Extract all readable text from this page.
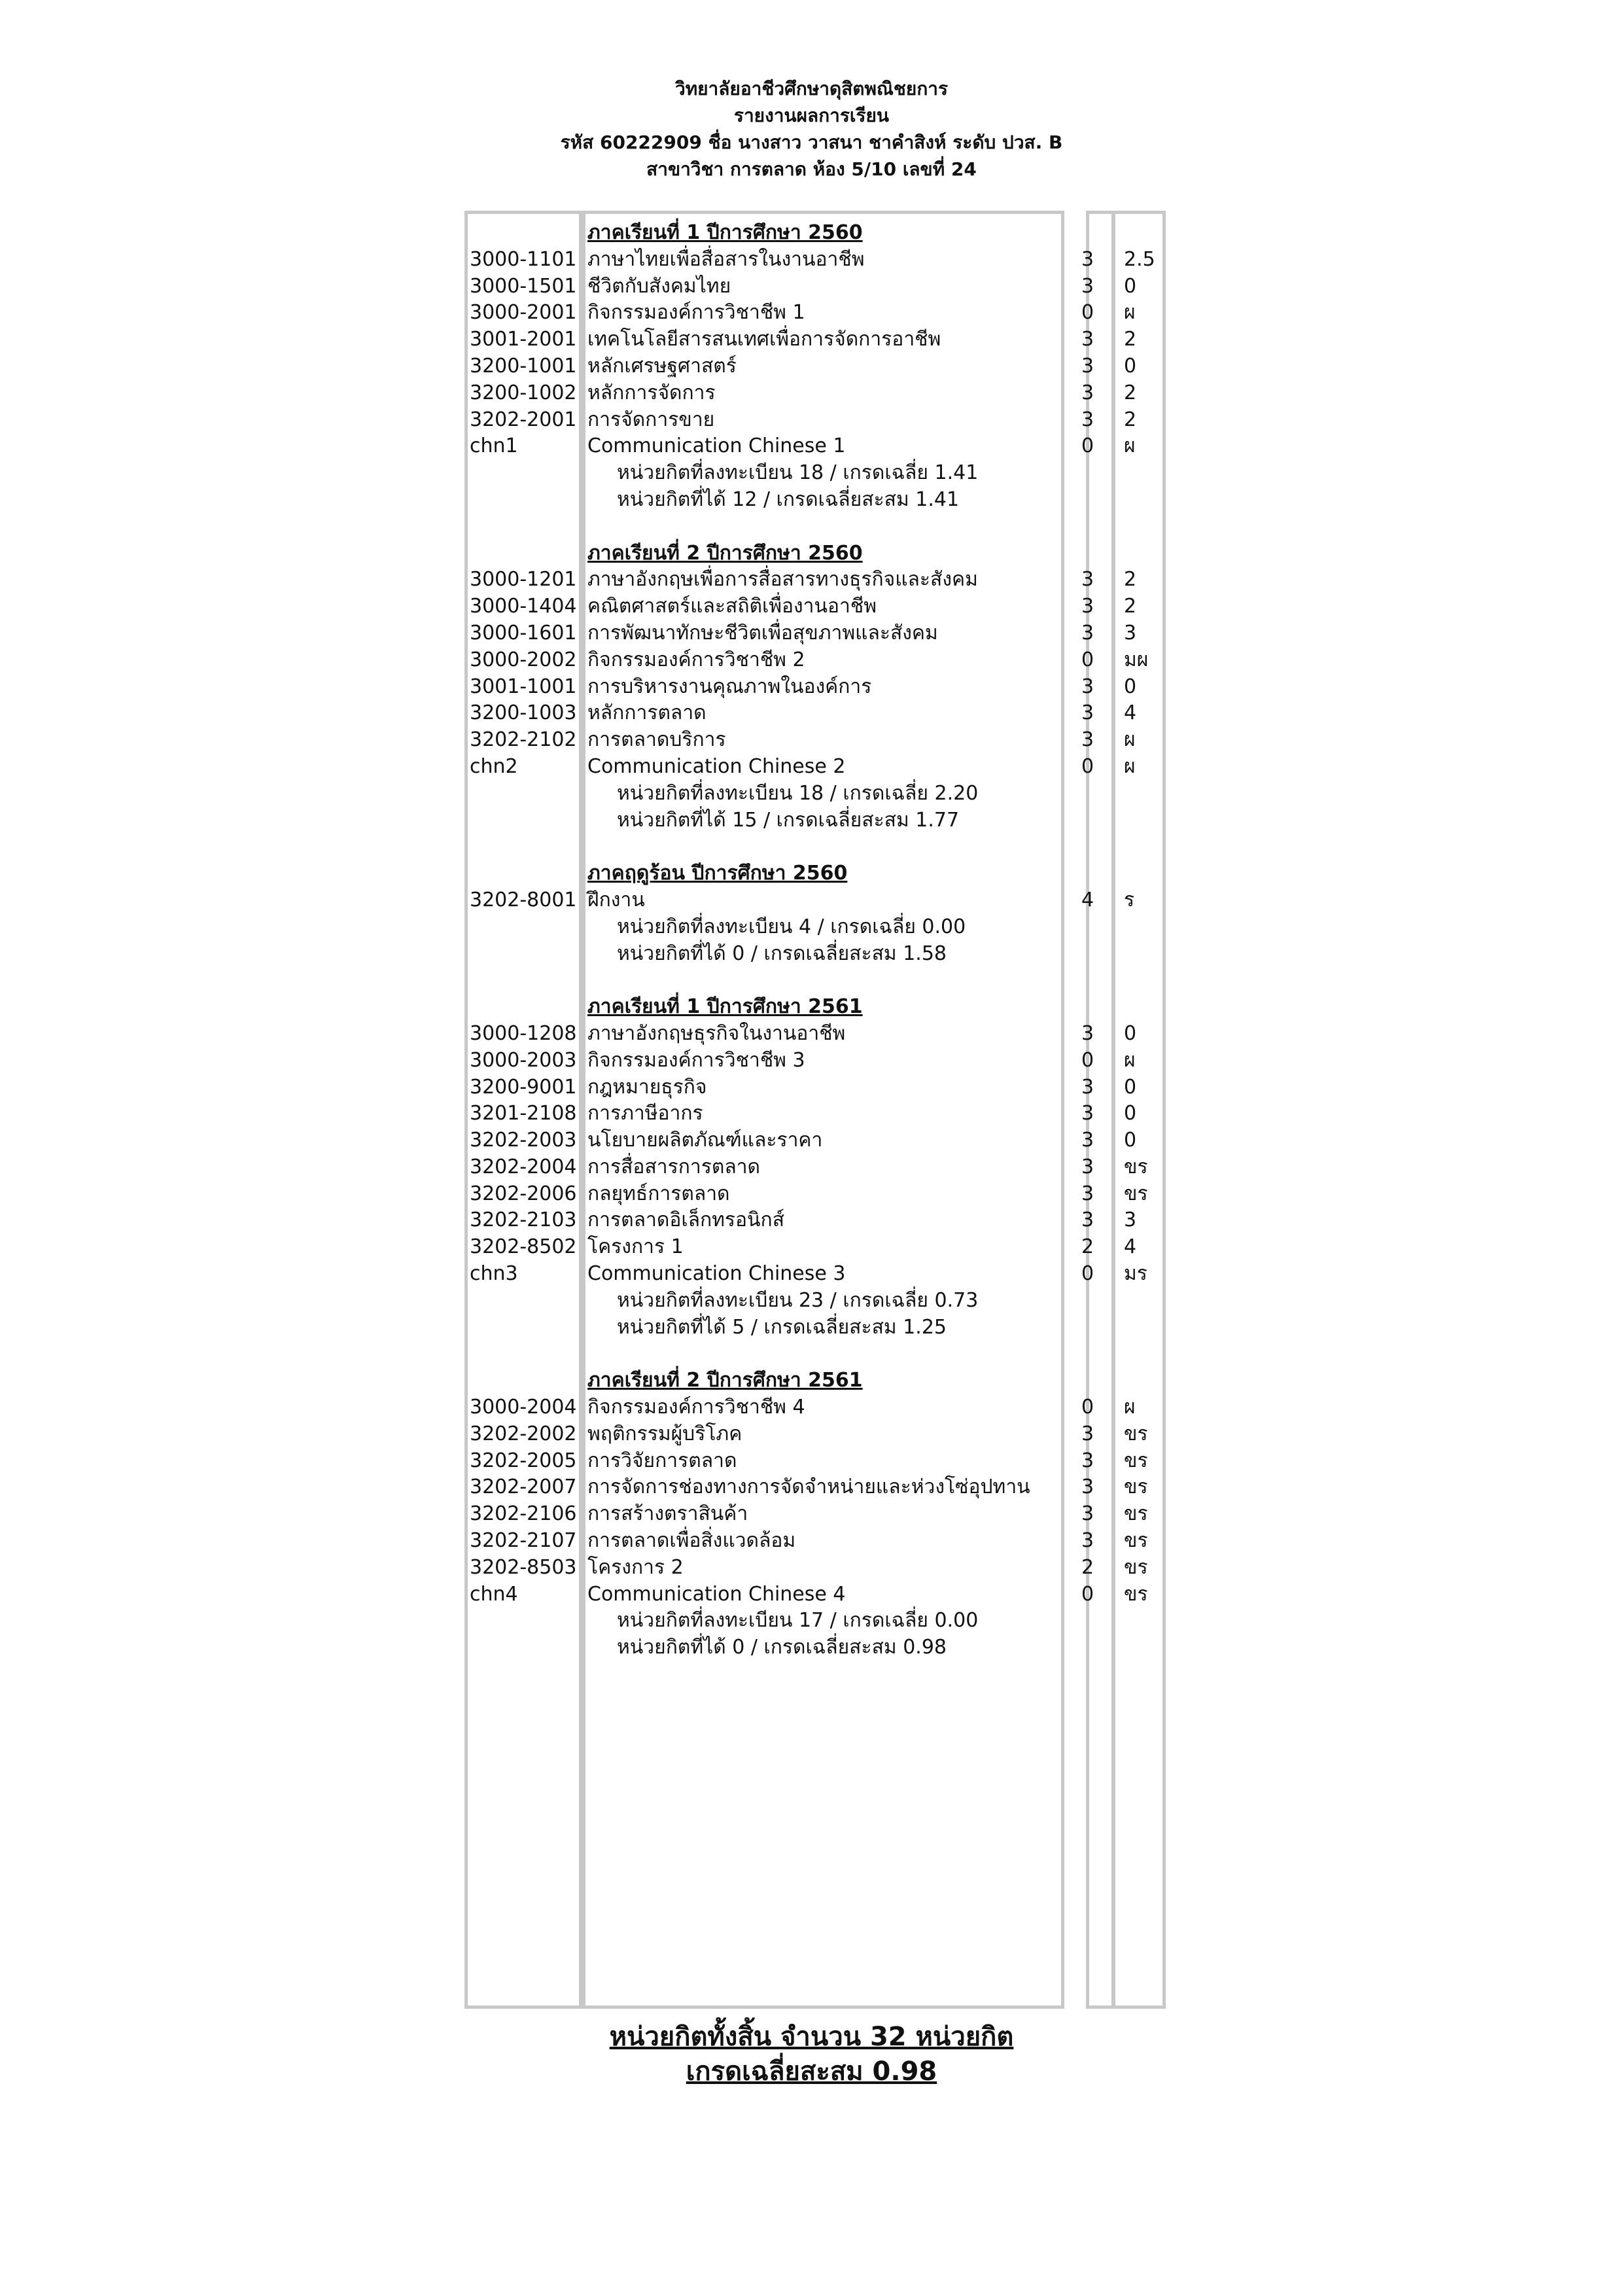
วิทยาลัยอาชีวศึกษาดุสิตพณิชยการ
รายงานผลการเรียน
รหัส 60222909 ชื่อ นางสาว วาสนา ชาคำสิงห์ ระดับ ปวส. B
สาขาวิชา การตลาด ห้อง 5/10 เลขที่ 24
ภาคเรียนที่ 1 ปีการศึกษา 2560
3000-1101 ภาษาไทยเพื่อสื่อสารในงานอาชีพ	3 2.5
3000-1501 ชีวิตกับสังคมไทย	3 0
3000-2001 กิจกรรมองค์การวิชาชีพ 1	0 ผ
3001-2001 เทคโนโลยีสารสนเทศเพื่อการจัดการอาชีพ	3 2
3200-1001 หลักเศรษฐศาสตร์	3 0
3200-1002 หลักการจัดการ	3 2
3202-2001 การจัดการขาย	3 2
chn1	Communication Chinese 1	0 ผ
หน่วยกิตที่ลงทะเบียน 18 / เกรดเฉลี่ย 1.41
หน่วยกิตที่ได้ 12 / เกรดเฉลี่ยสะสม 1.41
ภาคเรียนที่ 2 ปีการศึกษา 2560
3000-1201 ภาษาอังกฤษเพื่อการสื่อสารทางธุรกิจและสังคม	3 2
3000-1404 คณิตศาสตร์และสถิติเพื่องานอาชีพ	3 2
3000-1601 การพัฒนาทักษะชีวิตเพื่อสุขภาพและสังคม	3 3
3000-2002 กิจกรรมองค์การวิชาชีพ 2	0 มผ
3001-1001 การบริหารงานคุณภาพในองค์การ	3 0
3200-1003 หลักการตลาด	3 4
3202-2102 การตลาดบริการ	3 ผ
chn2	Communication Chinese 2	0 ผ
หน่วยกิตที่ลงทะเบียน 18 / เกรดเฉลี่ย 2.20
หน่วยกิตที่ได้ 15 / เกรดเฉลี่ยสะสม 1.77
ภาคฤดูร้อน ปีการศึกษา 2560
3202-8001 ฝึกงาน	4 ร
หน่วยกิตที่ลงทะเบียน 4 / เกรดเฉลี่ย 0.00
หน่วยกิตที่ได้ 0 / เกรดเฉลี่ยสะสม 1.58
ภาคเรียนที่ 1 ปีการศึกษา 2561
3000-1208 ภาษาอังกฤษธุรกิจในงานอาชีพ	3 0
3000-2003 กิจกรรมองค์การวิชาชีพ 3	0 ผ
3200-9001 กฎหมายธุรกิจ	3 0
3201-2108 การภาษีอากร	3 0
3202-2003 นโยบายผลิตภัณฑ์และราคา	3 0
3202-2004 การสื่อสารการตลาด	3 ขร
3202-2006 กลยุทธ์การตลาด	3 ขร
3202-2103 การตลาดอิเล็กทรอนิกส์	3 3
3202-8502 โครงการ 1	2 4
chn3	Communication Chinese 3	0 มร
หน่วยกิตที่ลงทะเบียน 23 / เกรดเฉลี่ย 0.73
หน่วยกิตที่ได้ 5 / เกรดเฉลี่ยสะสม 1.25
ภาคเรียนที่ 2 ปีการศึกษา 2561
3000-2004 กิจกรรมองค์การวิชาชีพ 4	0 ผ
3202-2002 พฤติกรรมผู้บริโภค	3 ขร
3202-2005 การวิจัยการตลาด	3 ขร
3202-2007 การจัดการช่องทางการจัดจำหน่ายและห่วงโซ่อุปทาน	3 ขร
3202-2106 การสร้างตราสินค้า	3 ขร
3202-2107 การตลาดเพื่อสิ่งแวดล้อม	3 ขร
3202-8503 โครงการ 2	2 ขร
chn4	Communication Chinese 4	0 ขร
หน่วยกิตที่ลงทะเบียน 17 / เกรดเฉลี่ย 0.00
หน่วยกิตที่ได้ 0 / เกรดเฉลี่ยสะสม 0.98
หน่วยกิตทั้งสิ้น จำนวน 32 หน่วยกิต
เกรดเฉลี่ยสะสม 0.98
